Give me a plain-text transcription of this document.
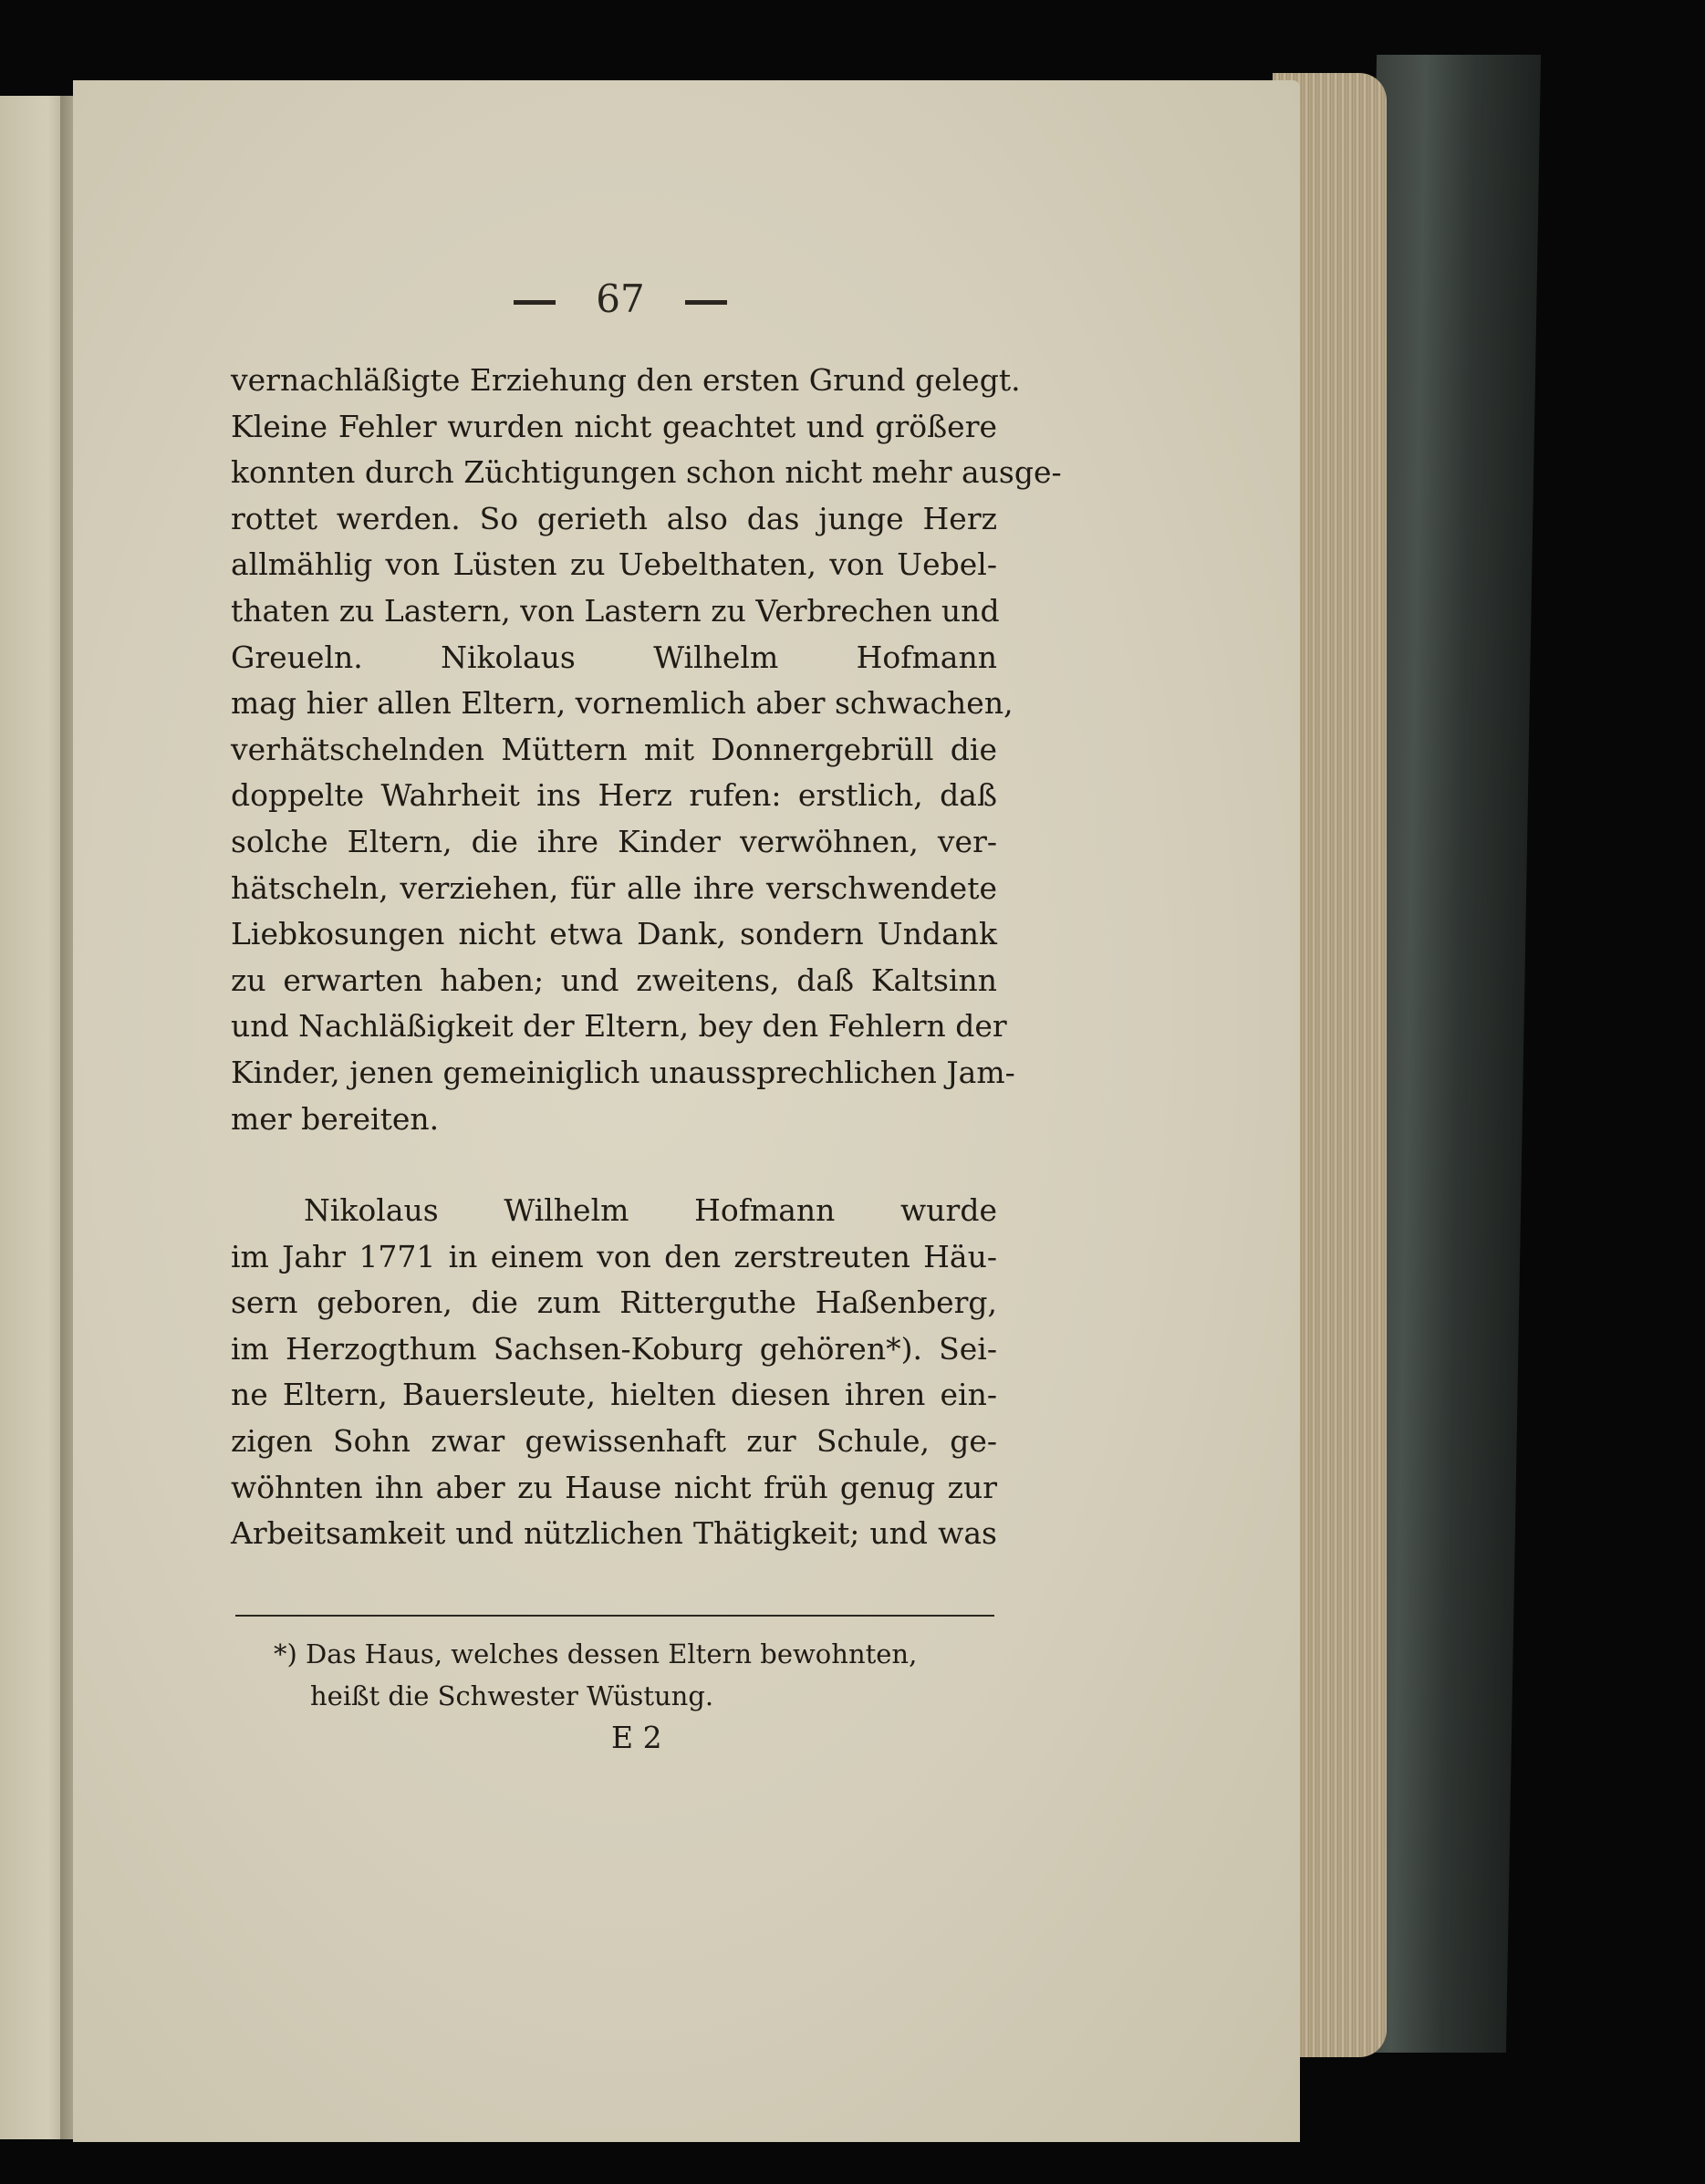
67
vernachläßigte Erziehung den ersten Grund gelegt.
Kleine Fehler wurden nicht geachtet und größere
konnten durch Züchtigungen schon nicht mehr ausge-
rottet werden. So gerieth also das junge Herz
allmählig von Lüsten zu Uebelthaten, von Uebel-
thaten zu Lastern, von Lastern zu Verbrechen und
Greueln. Nikolaus Wilhelm Hofmann
mag hier allen Eltern, vornemlich aber schwachen,
verhätschelnden Müttern mit Donnergebrüll die
doppelte Wahrheit ins Herz rufen: erstlich, daß
solche Eltern, die ihre Kinder verwöhnen, ver-
hätscheln, verziehen, für alle ihre verschwendete
Liebkosungen nicht etwa Dank, sondern Undank
zu erwarten haben; und zweitens, daß Kaltsinn
und Nachläßigkeit der Eltern, bey den Fehlern der
Kinder, jenen gemeiniglich unaussprechlichen Jam-
mer bereiten.
Nikolaus Wilhelm Hofmann wurde
im Jahr 1771 in einem von den zerstreuten Häu-
sern geboren, die zum Ritterguthe Haßenberg,
im Herzogthum Sachsen-Koburg gehören*). Sei-
ne Eltern, Bauersleute, hielten diesen ihren ein-
zigen Sohn zwar gewissenhaft zur Schule, ge-
wöhnten ihn aber zu Hause nicht früh genug zur
Arbeitsamkeit und nützlichen Thätigkeit; und was
*) Das Haus, welches dessen Eltern bewohnten,
heißt die Schwester Wüstung.
E 2
